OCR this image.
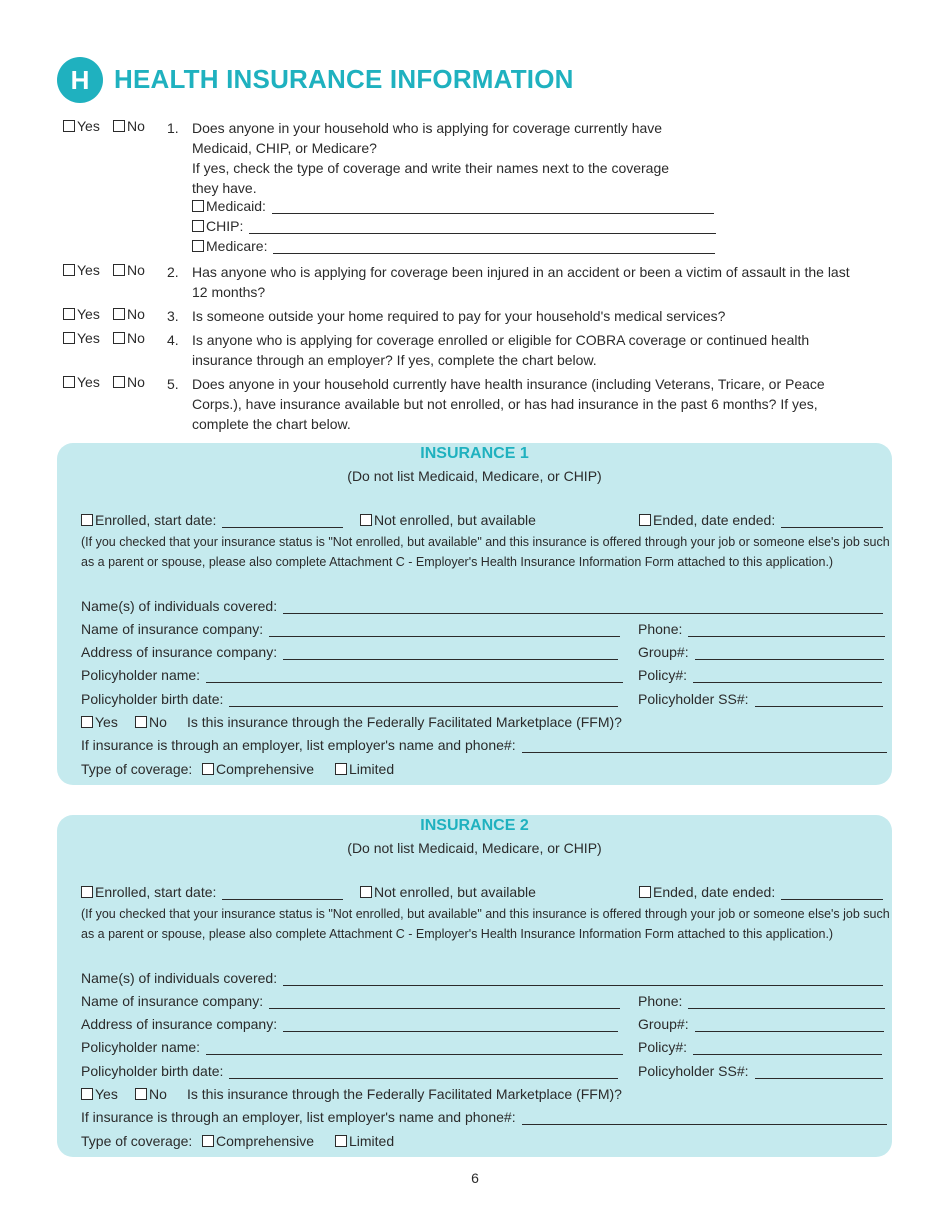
H HEALTH INSURANCE INFORMATION
Yes	No 1. Does anyone in your household who is applying for coverage currently have
Medicaid, CHIP, or Medicare?
If yes, check the type of coverage and write their names next to the coverage
they have.
Medicaid:
CHIP:
Medicare:
Yes	No 2. Has anyone who is applying for coverage been injured in an accident or been a victim of assault in the last
12 months?
Yes	No 3. Is someone outside your home required to pay for your household's medical services?
Yes	No 4. Is anyone who is applying for coverage enrolled or eligible for COBRA coverage or continued health
insurance through an employer? If yes, complete the chart below.
Yes	No 5. Does anyone in your household currently have health insurance (including Veterans, Tricare, or Peace
Corps.), have insurance available but not enrolled, or has had insurance in the past 6 months? If yes,
complete the chart below.
INSURANCE 1
(Do not list Medicaid, Medicare, or CHIP)
Enrolled, start date:	Not enrolled, but available	Ended, date ended:
(If you checked that your insurance status is "Not enrolled, but available" and this insurance is offered through your job or someone else's job such as a parent or spouse, please also complete Attachment C - Employer's Health Insurance Information Form attached to this application.)
Name(s) of individuals covered:
Name of insurance company:	Phone:
Address of insurance company:	Group#:
Policyholder name:	Policy#:
Policyholder birth date:	Policyholder SS#:
Yes	No Is this insurance through the Federally Facilitated Marketplace (FFM)?
If insurance is through an employer, list employer's name and phone#:
Type of coverage:	Comprehensive	Limited
INSURANCE 2
(Do not list Medicaid, Medicare, or CHIP)
Enrolled, start date:	Not enrolled, but available	Ended, date ended:
(If you checked that your insurance status is "Not enrolled, but available" and this insurance is offered through your job or someone else's job such as a parent or spouse, please also complete Attachment C - Employer's Health Insurance Information Form attached to this application.)
Name(s) of individuals covered:
Name of insurance company:	Phone:
Address of insurance company:	Group#:
Policyholder name:	Policy#:
Policyholder birth date:	Policyholder SS#:
Yes	No Is this insurance through the Federally Facilitated Marketplace (FFM)?
If insurance is through an employer, list employer's name and phone#:
Type of coverage:	Comprehensive	Limited
6
